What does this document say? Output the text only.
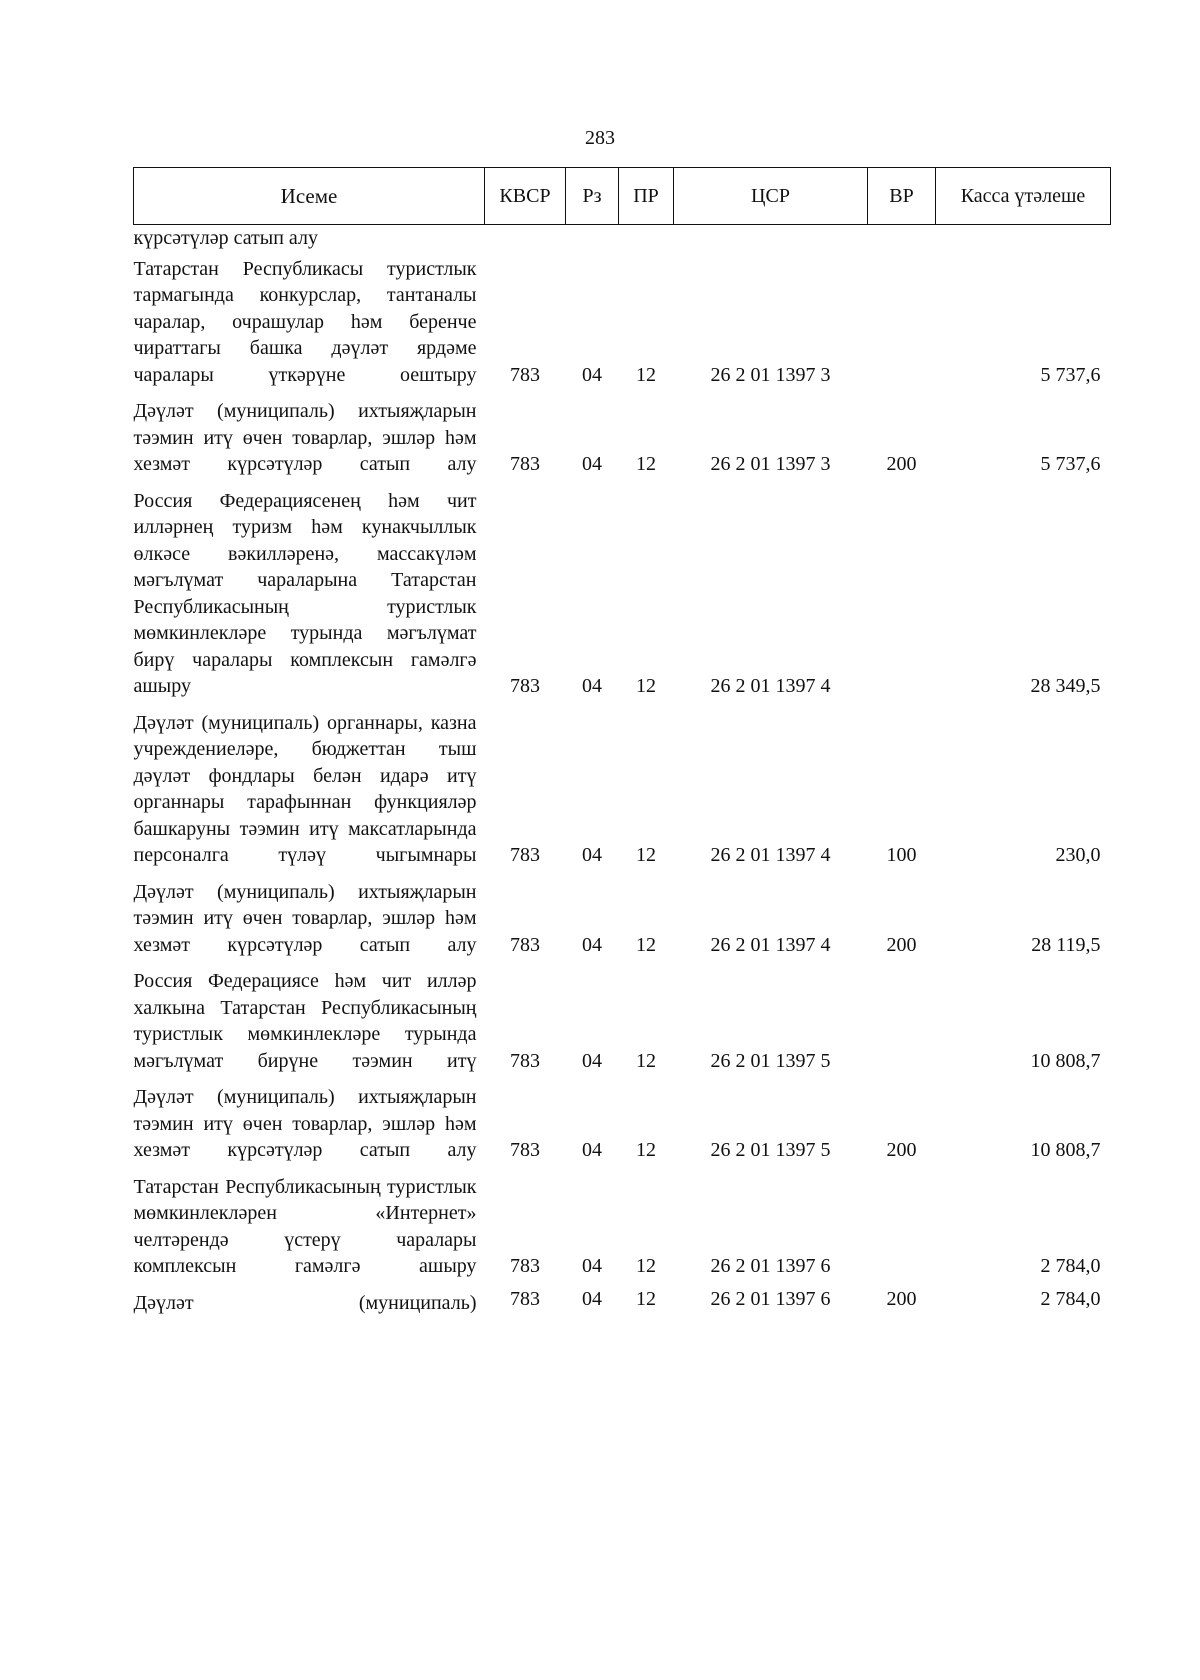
283
Исеме	КВСР	Рз	ПР	ЦСР	ВР	Касса үтәлеше
күрсәтүләр сатып алу						
Татарстан Республикасы туристлык тармагында конкурслар, тантаналы чаралар, очрашулар һәм беренче чираттагы башка дәүләт ярдәме чаралары үткәрүне оештыру	783	04	12	26 2 01 1397 3		5 737,6
Дәүләт (муниципаль) ихтыяҗларын тәэмин итү өчен товарлар, эшләр һәм хезмәт күрсәтүләр сатып алу	783	04	12	26 2 01 1397 3	200	5 737,6
Россия Федерациясенең һәм чит илләрнең туризм һәм кунакчыллык өлкәсе вәкилләренә, массакүләм мәгълүмат чараларына Татарстан Республикасының туристлык мөмкинлекләре турында мәгълүмат бирү чаралары комплексын гамәлгә ашыру	783	04	12	26 2 01 1397 4		28 349,5
Дәүләт (муниципаль) органнары, казна учреждениеләре, бюджеттан тыш дәүләт фондлары белән идарә итү органнары тарафыннан функцияләр башкаруны тәэмин итү максатларында персоналга түләү чыгымнары	783	04	12	26 2 01 1397 4	100	230,0
Дәүләт (муниципаль) ихтыяҗларын тәэмин итү өчен товарлар, эшләр һәм хезмәт күрсәтүләр сатып алу	783	04	12	26 2 01 1397 4	200	28 119,5
Россия Федерациясе һәм чит илләр халкына Татарстан Республикасының туристлык мөмкинлекләре турында мәгълүмат бирүне тәэмин итү	783	04	12	26 2 01 1397 5		10 808,7
Дәүләт (муниципаль) ихтыяҗларын тәэмин итү өчен товарлар, эшләр һәм хезмәт күрсәтүләр сатып алу	783	04	12	26 2 01 1397 5	200	10 808,7
Татарстан Республикасының туристлык мөмкинлекләрен «Интернет» челтәрендә үстерү чаралары комплексын гамәлгә ашыру	783	04	12	26 2 01 1397 6		2 784,0
Дәүләт (муниципаль)	783	04	12	26 2 01 1397 6	200	2 784,0
